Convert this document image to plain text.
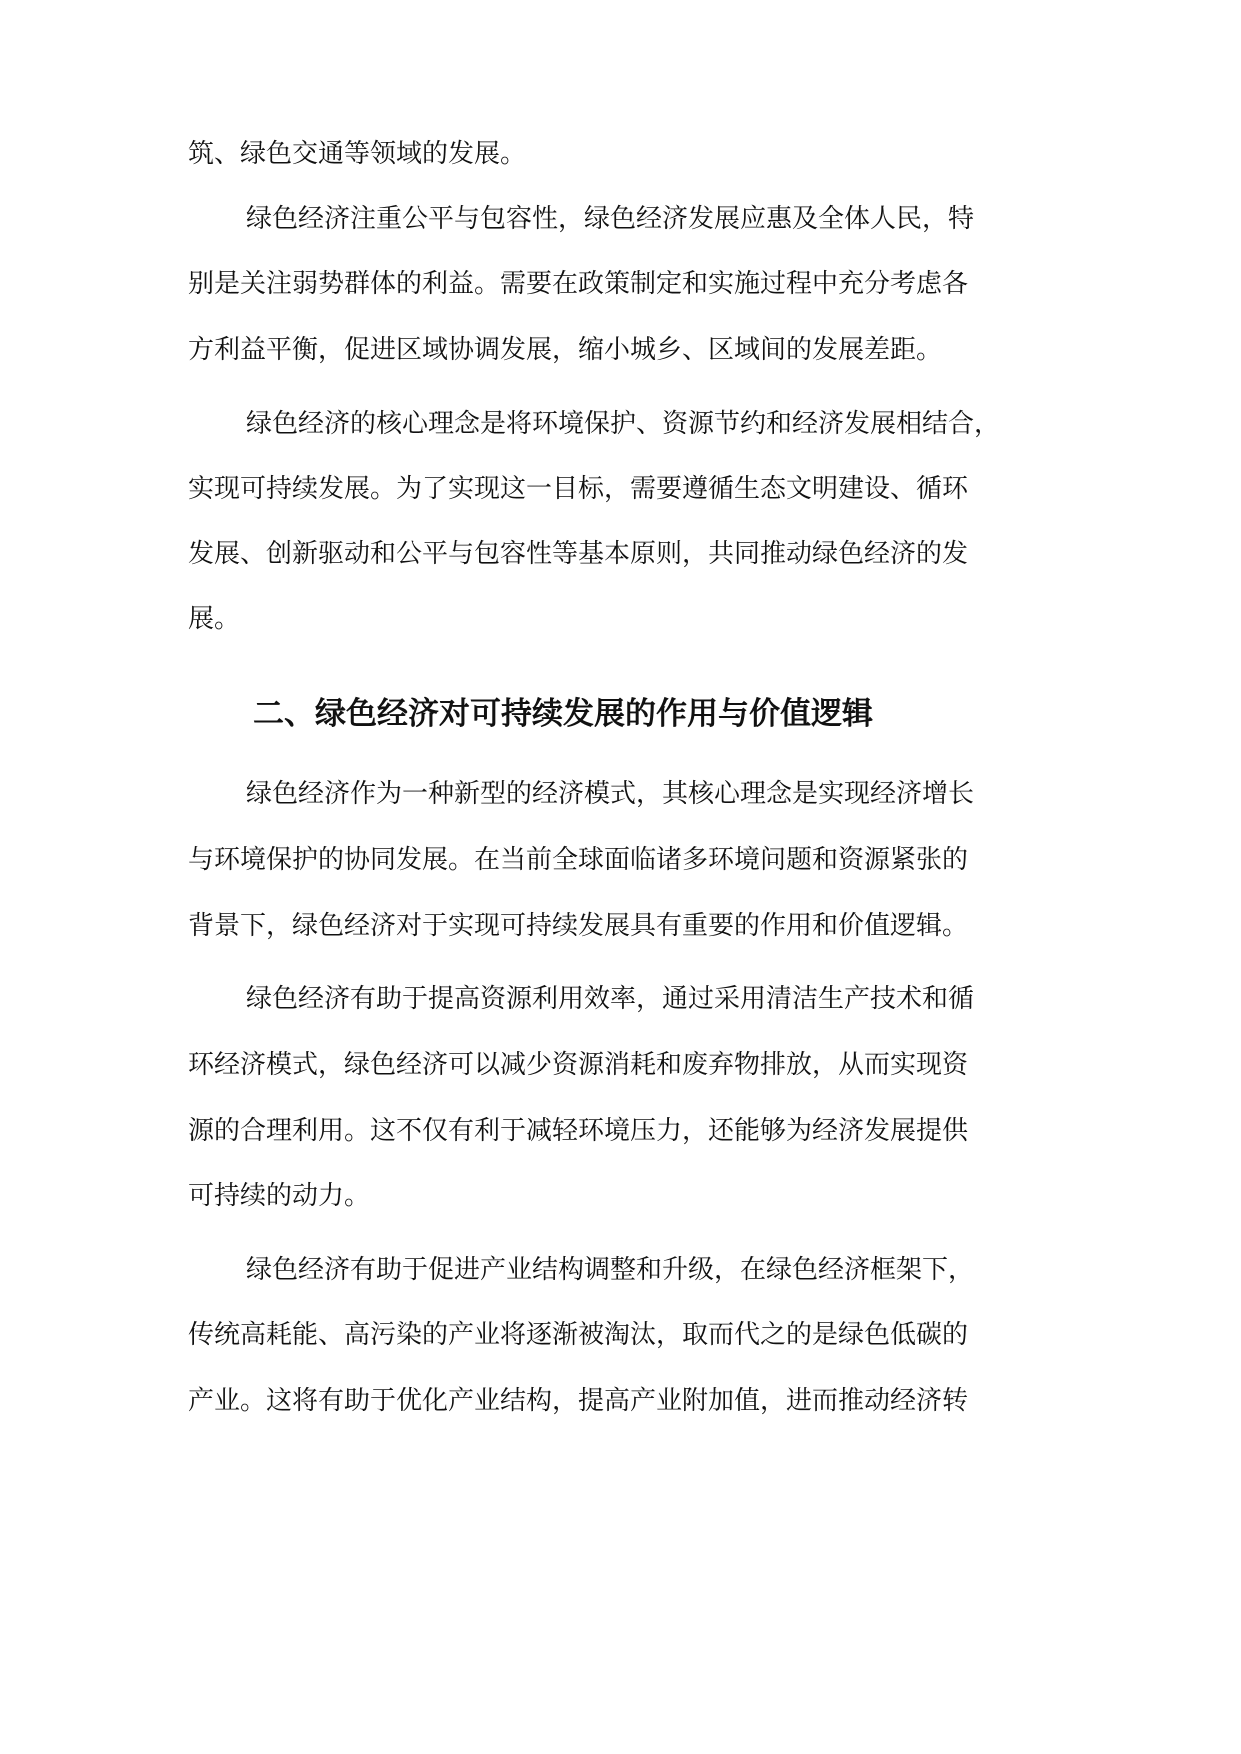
筑、绿色交通等领域的发展。

绿色经济注重公平与包容性，绿色经济发展应惠及全体人民，特

别是关注弱势群体的利益。需要在政策制定和实施过程中充分考虑各

方利益平衡，促进区域协调发展，缩小城乡、区域间的发展差距。

绿色经济的核心理念是将环境保护、资源节约和经济发展相结合，

实现可持续发展。为了实现这一目标，需要遵循生态文明建设、循环

发展、创新驱动和公平与包容性等基本原则，共同推动绿色经济的发

展。

二、绿色经济对可持续发展的作用与价值逻辑

绿色经济作为一种新型的经济模式，其核心理念是实现经济增长

与环境保护的协同发展。在当前全球面临诸多环境问题和资源紧张的

背景下，绿色经济对于实现可持续发展具有重要的作用和价值逻辑。

绿色经济有助于提高资源利用效率，通过采用清洁生产技术和循

环经济模式，绿色经济可以减少资源消耗和废弃物排放，从而实现资

源的合理利用。这不仅有利于减轻环境压力，还能够为经济发展提供

可持续的动力。

绿色经济有助于促进产业结构调整和升级，在绿色经济框架下，

传统高耗能、高污染的产业将逐渐被淘汰，取而代之的是绿色低碳的

产业。这将有助于优化产业结构，提高产业附加值，进而推动经济转
